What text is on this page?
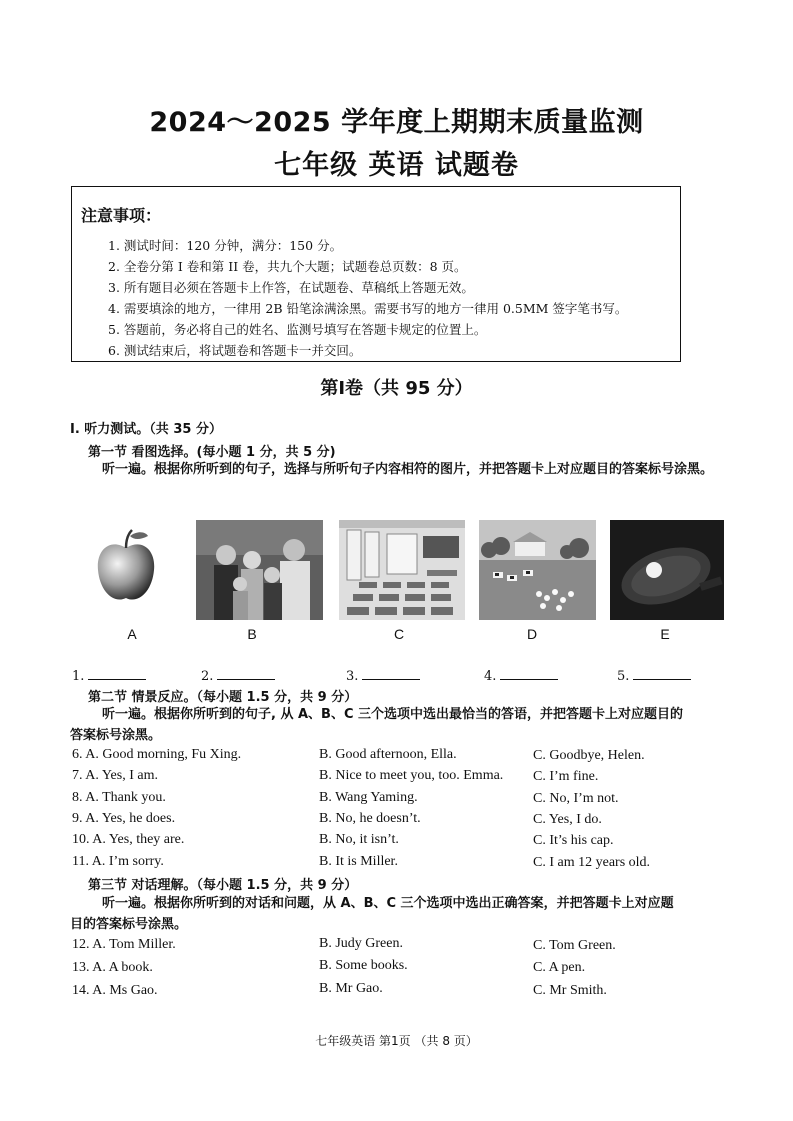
2024～2025 学年度上期期末质量监测
七年级 英语 试题卷
注意事项：
1. 测试时间：120 分钟，满分：150 分。
2. 全卷分第 I 卷和第 II 卷，共九个大题；试题卷总页数：8 页。
3. 所有题目必须在答题卡上作答，在试题卷、草稿纸上答题无效。
4. 需要填涂的地方，一律用 2B 铅笔涂满涂黑。需要书写的地方一律用 0.5MM 签字笔书写。
5. 答题前，务必将自己的姓名、监测号填写在答题卡规定的位置上。
6. 测试结束后，将试题卷和答题卡一并交回。
第Ⅰ卷（共 95 分）
I. 听力测试。（共 35 分）
第一节 看图选择。(每小题 1 分，共 5 分)
听一遍。根据你所听到的句子，选择与所听句子内容相符的图片，并把答题卡上对应题目的答案标号涂黑。
A	B	C	D	E
1.	2.	3.	4.	5.
第二节 情景反应。（每小题 1.5 分，共 9 分）
听一遍。根据你所听到的句子, 从 A、B、C 三个选项中选出最恰当的答语，并把答题卡上对应题目的
答案标号涂黑。
6. A. Good morning, Fu Xing.	B. Good afternoon, Ella.	C. Goodbye, Helen.
7. A. Yes, I am.	B. Nice to meet you, too. Emma. C. I’m fine.
8. A. Thank you.	B. Wang Yaming.	C. No, I’m not.
9. A. Yes, he does.	B. No, he doesn’t.	C. Yes, I do.
10. A. Yes, they are.	B. No, it isn’t.	C. It’s his cap.
11. A. I’m sorry.	B. It is Miller.	C. I am 12 years old.
第三节 对话理解。（每小题 1.5 分，共 9 分）
听一遍。根据你所听到的对话和问题，从 A、B、C 三个选项中选出正确答案，并把答题卡上对应题
目的答案标号涂黑。
12. A. Tom Miller.	B. Judy Green.	C. Tom Green.
13. A. A book.	B. Some books.	C. A pen.
14. A. Ms Gao.	B. Mr Gao.	C. Mr Smith.
七年级英语 第1页 （共 8 页）
